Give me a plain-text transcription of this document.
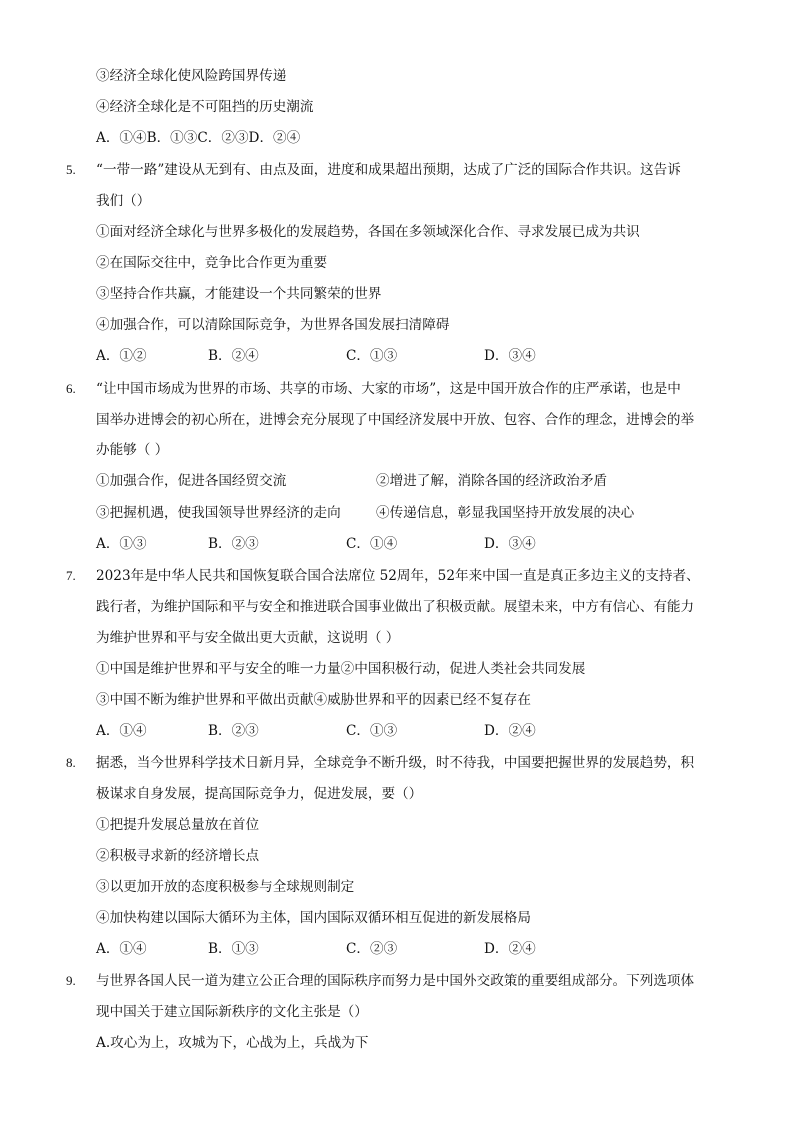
③经济全球化使风险跨国界传递
④经济全球化是不可阻挡的历史潮流
A．①④B．①③C．②③D．②④
5. “一带一路”建设从无到有、由点及面，进度和成果超出预期，达成了广泛的国际合作共识。这告诉
我们（）
①面对经济全球化与世界多极化的发展趋势，各国在多领域深化合作、寻求发展已成为共识
②在国际交往中，竞争比合作更为重要
③坚持合作共赢，才能建设一个共同繁荣的世界
④加强合作，可以清除国际竞争，为世界各国发展扫清障碍
A．①②	B．②④	C．①③	D．③④
6. “让中国市场成为世界的市场、共享的市场、大家的市场”，这是中国开放合作的庄严承诺，也是中
国举办进博会的初心所在，进博会充分展现了中国经济发展中开放、包容、合作的理念，进博会的举
办能够（ ）
①加强合作，促进各国经贸交流	②增进了解，消除各国的经济政治矛盾
③把握机遇，使我国领导世界经济的走向	④传递信息，彰显我国坚持开放发展的决心
A．①③	B．②③	C．①④	D．③④
7. 2023年是中华人民共和国恢复联合国合法席位 52周年，52年来中国一直是真正多边主义的支持者、
践行者，为维护国际和平与安全和推进联合国事业做出了积极贡献。展望未来，中方有信心、有能力
为维护世界和平与安全做出更大贡献，这说明（ ）
①中国是维护世界和平与安全的唯一力量②中国积极行动，促进人类社会共同发展
③中国不断为维护世界和平做出贡献④威胁世界和平的因素已经不复存在
A．①④	B．②③	C．①③	D．②④
8. 据悉，当今世界科学技术日新月异，全球竞争不断升级，时不待我，中国要把握世界的发展趋势，积
极谋求自身发展，提高国际竞争力，促进发展，要（）
①把提升发展总量放在首位
②积极寻求新的经济增长点
③以更加开放的态度积极参与全球规则制定
④加快构建以国际大循环为主体，国内国际双循环相互促进的新发展格局
A．①④	B．①③	C．②③	D．②④
9. 与世界各国人民一道为建立公正合理的国际秩序而努力是中国外交政策的重要组成部分。下列选项体
现中国关于建立国际新秩序的文化主张是（）
A.攻心为上，攻城为下，心战为上，兵战为下
